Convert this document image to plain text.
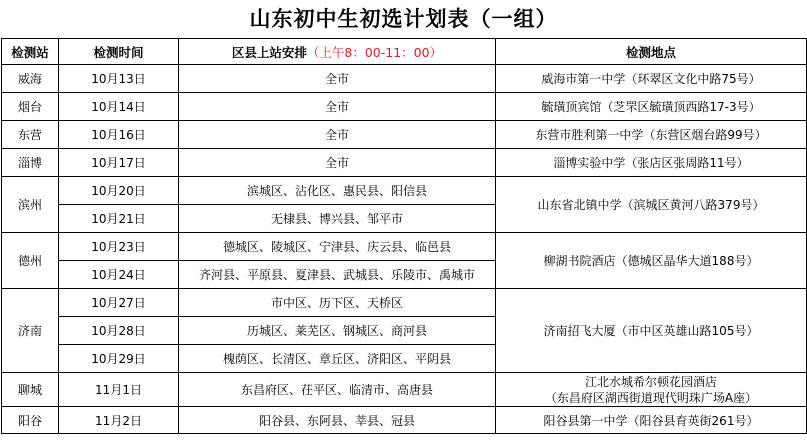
山东初中生初选计划表（一组）
检测站	检测时间	区县上站安排（上午8：00-11：00）	检测地点
威海	10月13日	全市	威海市第一中学（环翠区文化中路75号）
烟台	10月14日	全市	毓璜顶宾馆（芝罘区毓璜顶西路17-3号）
东营	10月16日	全市	东营市胜利第一中学（东营区烟台路99号）
淄博	10月17日	全市	淄博实验中学（张店区张周路11号）
滨州	10月20日	滨城区、沾化区、惠民县、阳信县	山东省北镇中学（滨城区黄河八路379号）
	10月21日	无棣县、博兴县、邹平市	
德州	10月23日	德城区、陵城区、宁津县、庆云县、临邑县	柳湖书院酒店（德城区晶华大道188号）
	10月24日	齐河县、平原县、夏津县、武城县、乐陵市、禹城市	
济南	10月27日	市中区、历下区、天桥区	济南招飞大厦（市中区英雄山路105号）
	10月28日	历城区、莱芜区、钢城区、商河县	
	10月29日	槐荫区、长清区、章丘区、济阳区、平阴县	
聊城	11月1日	东昌府区、茌平区、临清市、高唐县	江北水城希尔顿花园酒店
（东昌府区湖西街道现代明珠广场A座）

阳谷	11月2日	阳谷县、东阿县、莘县、冠县	阳谷县第一中学（阳谷县育英街261号）
